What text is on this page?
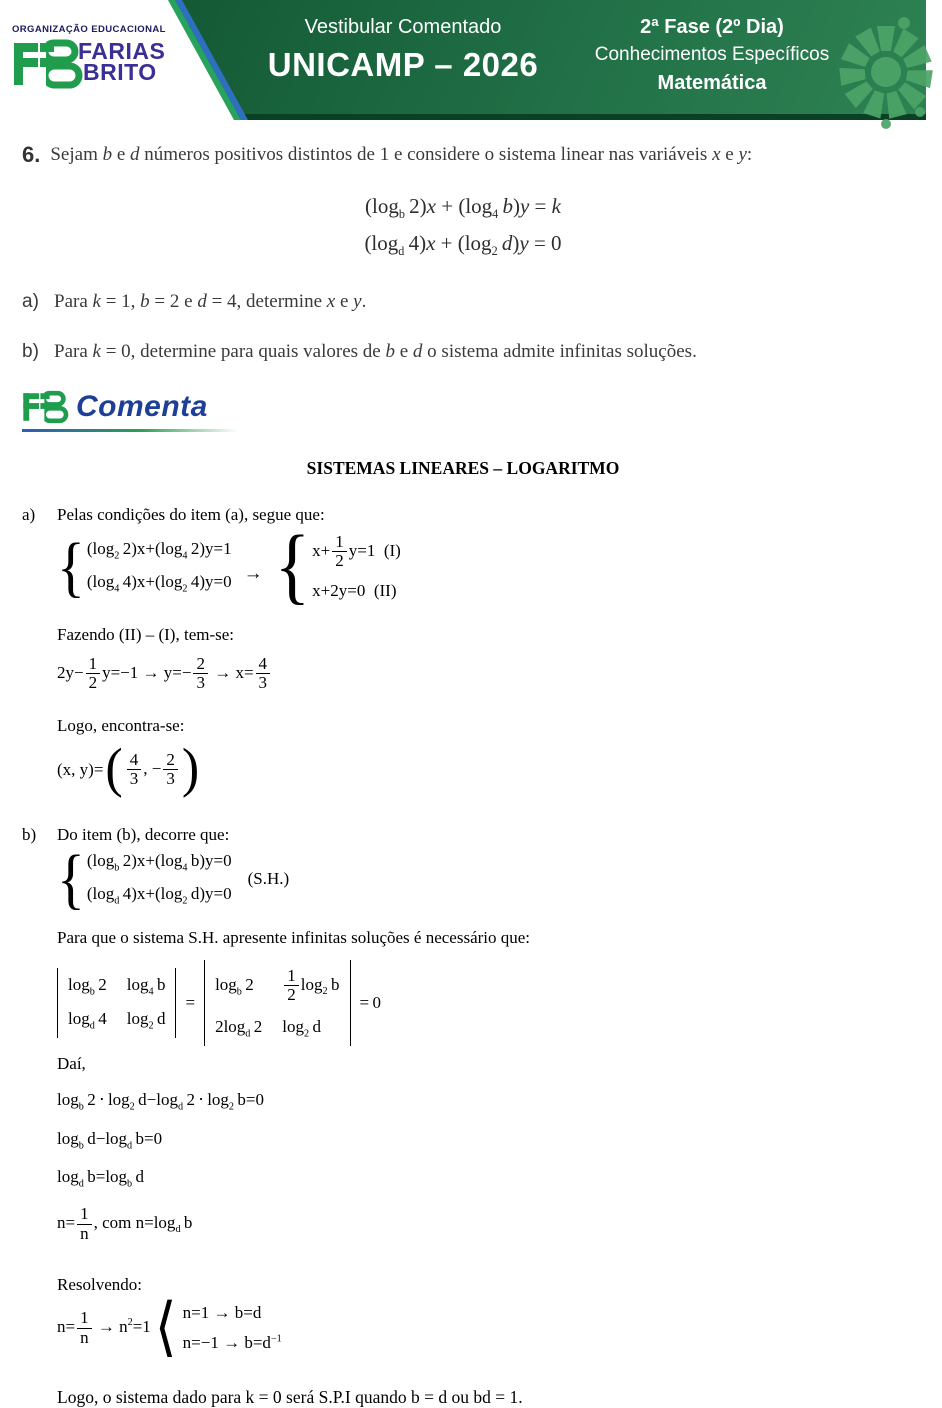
ORGANIZAÇÃO EDUCACIONAL
FARIAS
BRITO
Vestibular Comentado
UNICAMP – 2026
2ª Fase (2º Dia)
Conhecimentos Específicos
Matemática
6. Sejam b e d números positivos distintos de 1 e considere o sistema linear nas variáveis x e y:
($\log_b$ $2)x + (\log_4$  b)y = k
($\log_d$ $4)x + (\log_2$  d)y = 0
a) Para k = 1, b = 2 e d = 4, determine x e y.
b) Para k = 0, determine para quais valores de b e d o sistema admite infinitas soluções.
Comenta
SISTEMAS LINEARES – LOGARITMO
a)	Pelas condições do item (a), segue que:
{ ($\log_2$ $2)x+(\log_4$ 2)y=1
($\log_4$ $4)x+(\log_2$ 4)y=0 → { $x+ \frac{1}{2} y=1$ (I)
x+2y=0 (II)
Fazendo (II) – (I), tem-se:
$2y- \frac{1}{2} y=-1 \to y=- \frac{2}{3} \to x= \frac{4}{3}$
Logo, encontra-se:
(x, y)= ( $\frac{4}{3}$ , − $\frac{2}{3}$ )
b)	Do item (b), decorre que:
{ ($\log_b$ $2)x+(\log_4$ b)y=0
($\log_d$ $4)x+(\log_2$ d)y=0
(S.H.)
Para que o sistema S.H. apresente infinitas soluções é necessário que:
$\log_b 2$ $\log_4 b$
$\log_d 4$ $\log_2 d$
=
$\log_b 2 \frac{1}{2} \log_2 b$
$2\log_d$ 2 $\log_2 d$
= 0
Daí,
$\log_b 2 \cdot \log_2 d-\log_d$ $2 \cdot \log_2 b=0$
$\log_b d-\log_d$ b=0
$\log_d b=\log_b$ d
$n= \frac{1}{n}$ , com $n=\log_d$ b
Resolvendo:
$n= \frac{1}{n} \to n^2=1$ ⟨ n=1 → b=d
$n=-1 \to b=d^{-1}$
Logo, o sistema dado para k = 0 será S.P.I quando b = d ou bd = 1.
